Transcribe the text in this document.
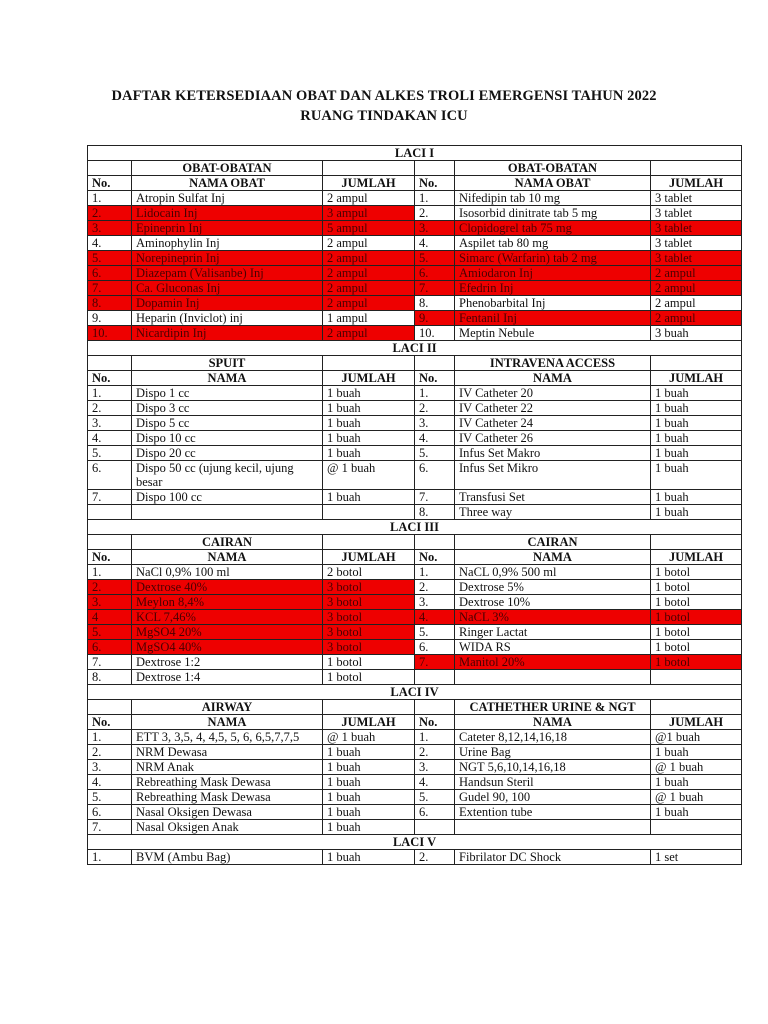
DAFTAR KETERSEDIAAN OBAT DAN ALKES TROLI EMERGENSI TAHUN 2022
RUANG TINDAKAN ICU
LACI I					
	OBAT-OBATAN			OBAT-OBATAN	
No.	NAMA OBAT	JUMLAH	No.	NAMA OBAT	JUMLAH
1.	Atropin Sulfat Inj	2 ampul	1.	Nifedipin tab 10 mg	3 tablet
2.	Lidocain Inj	3 ampul	2.	Isosorbid dinitrate tab 5 mg	3 tablet
3.	Epineprin Inj	5 ampul	3.	Clopidogrel tab 75 mg	3 tablet
4.	Aminophylin Inj	2 ampul	4.	Aspilet tab 80 mg	3 tablet
5.	Norepineprin Inj	2 ampul	5.	Simarc (Warfarin) tab 2 mg	3 tablet
6.	Diazepam (Valisanbe) Inj	2 ampul	6.	Amiodaron Inj	2 ampul
7.	Ca. Gluconas Inj	2 ampul	7.	Efedrin Inj	2 ampul
8.	Dopamin Inj	2 ampul	8.	Phenobarbital Inj	2 ampul
9.	Heparin (Inviclot) inj	1 ampul	9.	Fentanil Inj	2 ampul
10.	Nicardipin Inj	2 ampul	10.	Meptin Nebule	3 buah
LACI II					
	SPUIT			INTRAVENA ACCESS	
No.	NAMA	JUMLAH	No.	NAMA	JUMLAH
1.	Dispo 1 cc	1 buah	1.	IV Catheter 20	1 buah
2.	Dispo 3 cc	1 buah	2.	IV Catheter 22	1 buah
3.	Dispo 5 cc	1 buah	3.	IV Catheter 24	1 buah
4.	Dispo 10 cc	1 buah	4.	IV Catheter 26	1 buah
5.	Dispo 20 cc	1 buah	5.	Infus Set Makro	1 buah
6.	Dispo 50 cc (ujung kecil, ujung besar	@ 1 buah	6.	Infus Set Mikro	1 buah
7.	Dispo 100 cc	1 buah	7.	Transfusi Set	1 buah
			8.	Three way	1 buah
LACI III					
	CAIRAN			CAIRAN	
No.	NAMA	JUMLAH	No.	NAMA	JUMLAH
1.	NaCl 0,9% 100 ml	2 botol	1.	NaCL 0,9% 500 ml	1 botol
2.	Dextrose 40%	3 botol	2.	Dextrose 5%	1 botol
3.	Meylon 8,4%	3 botol	3.	Dextrose 10%	1 botol
4	KCL 7,46%	3 botol	4.	NaCL 3%	1 botol
5.	MgSO4 20%	3 botol	5.	Ringer Lactat	1 botol
6.	MgSO4 40%	3 botol	6.	WIDA RS	1 botol
7.	Dextrose 1:2	1 botol	7.	Manitol 20%	1 botol
8.	Dextrose 1:4	1 botol			
LACI IV					
	AIRWAY			CATHETHER URINE & NGT	
No.	NAMA	JUMLAH	No.	NAMA	JUMLAH
1.	ETT 3, 3,5, 4, 4,5, 5, 6, 6,5,7,7,5	@ 1 buah	1.	Cateter 8,12,14,16,18	@1 buah
2.	NRM Dewasa	1 buah	2.	Urine Bag	1 buah
3.	NRM Anak	1 buah	3.	NGT 5,6,10,14,16,18	@ 1 buah
4.	Rebreathing Mask Dewasa	1 buah	4.	Handsun Steril	1 buah
5.	Rebreathing Mask Dewasa	1 buah	5.	Gudel 90, 100	@ 1 buah
6.	Nasal Oksigen Dewasa	1 buah	6.	Extention tube	1 buah
7.	Nasal Oksigen Anak	1 buah			
LACI V					
1.	BVM (Ambu Bag)	1 buah	2.	Fibrilator DC Shock	1 set
